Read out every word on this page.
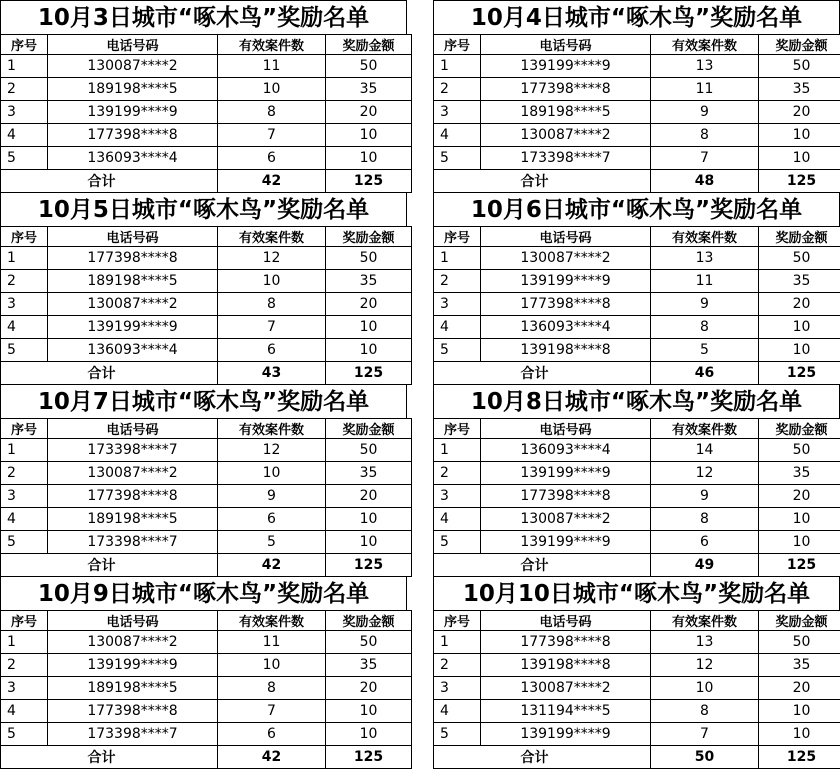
10月3日城市“啄木鸟”奖励名单
序号	电话号码	有效案件数	奖励金额
1	130087****2	11	50
2	189198****5	10	35
3	139199****9	8	20
4	177398****8	7	10
5	136093****4	6	10
	合计	42	125
10月4日城市“啄木鸟”奖励名单
序号	电话号码	有效案件数	奖励金额
1	139199****9	13	50
2	177398****8	11	35
3	189198****5	9	20
4	130087****2	8	10
5	173398****7	7	10
	合计	48	125
10月5日城市“啄木鸟”奖励名单
序号	电话号码	有效案件数	奖励金额
1	177398****8	12	50
2	189198****5	10	35
3	130087****2	8	20
4	139199****9	7	10
5	136093****4	6	10
	合计	43	125
10月6日城市“啄木鸟”奖励名单
序号	电话号码	有效案件数	奖励金额
1	130087****2	13	50
2	139199****9	11	35
3	177398****8	9	20
4	136093****4	8	10
5	139198****8	5	10
	合计	46	125
10月7日城市“啄木鸟”奖励名单
序号	电话号码	有效案件数	奖励金额
1	173398****7	12	50
2	130087****2	10	35
3	177398****8	9	20
4	189198****5	6	10
5	173398****7	5	10
	合计	42	125
10月8日城市“啄木鸟”奖励名单
序号	电话号码	有效案件数	奖励金额
1	136093****4	14	50
2	139199****9	12	35
3	177398****8	9	20
4	130087****2	8	10
5	139199****9	6	10
	合计	49	125
10月9日城市“啄木鸟”奖励名单
序号	电话号码	有效案件数	奖励金额
1	130087****2	11	50
2	139199****9	10	35
3	189198****5	8	20
4	177398****8	7	10
5	173398****7	6	10
	合计	42	125
10月10日城市“啄木鸟”奖励名单
序号	电话号码	有效案件数	奖励金额
1	177398****8	13	50
2	139198****8	12	35
3	130087****2	10	20
4	131194****5	8	10
5	139199****9	7	10
	合计	50	125
